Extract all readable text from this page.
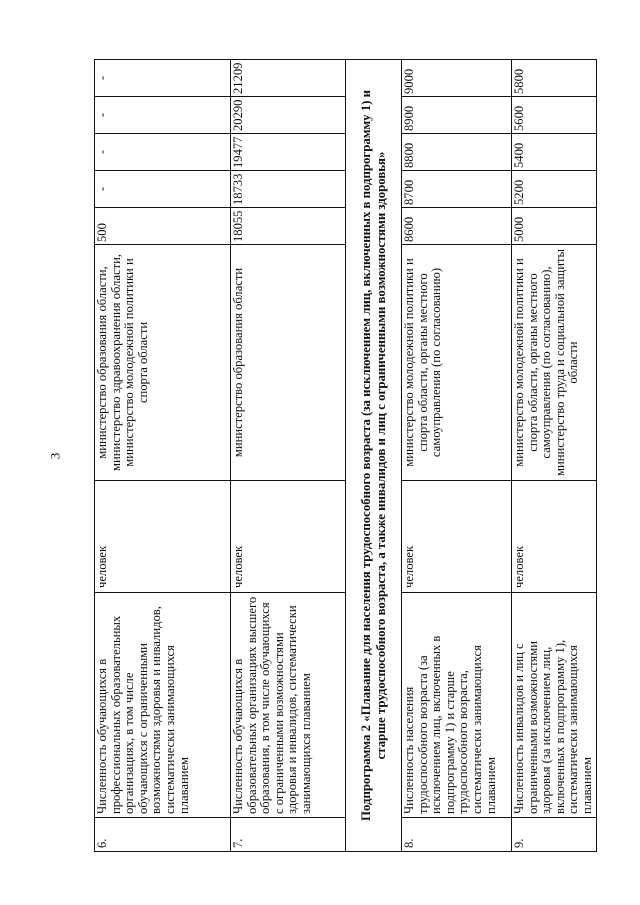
3
6.	Численность обучающихся в профессиональных образовательных организациях, в том числе обучающихся с ограниченными возможностями здоровья и инвалидов, систематически занимающихся плаванием	человек	министерство образования области, министерство здравоохранения области, министерство молодежной политики и спорта области	500	-	-	-	-

7.	Численность обучающихся в образовательных организациях высшего образования, в том числе обучающихся с ограниченными возможностями здоровья и инвалидов, систематически занимающихся плаванием	человек	министерство образования области	18055	18733	19477	20290	21209
Подпрограмма 2 «Плавание для населения трудоспособного возраста (за исключением лиц, включенных в подпрограмму 1) и старше трудоспособного возраста, а также инвалидов и лиц с ограниченными возможностями здоровья»								
8.	Численность населения трудоспособного возраста (за исключением лиц, включенных в подпрограмму 1) и старше трудоспособного возраста, систематически занимающихся плаванием	человек	министерство молодежной политики и спорта области, органы местного самоуправления (по согласованию)	8600	8700	8800	8900	9000
9.	Численность инвалидов и лиц с ограниченными возможностями здоровья (за исключением лиц, включенных в подпрограмму 1), систематически занимающихся плаванием	человек	министерство молодежной политики и спорта области, органы местного самоуправления (по согласованию), министерство труда и социальной защиты области	5000	5200	5400	5600	5800
